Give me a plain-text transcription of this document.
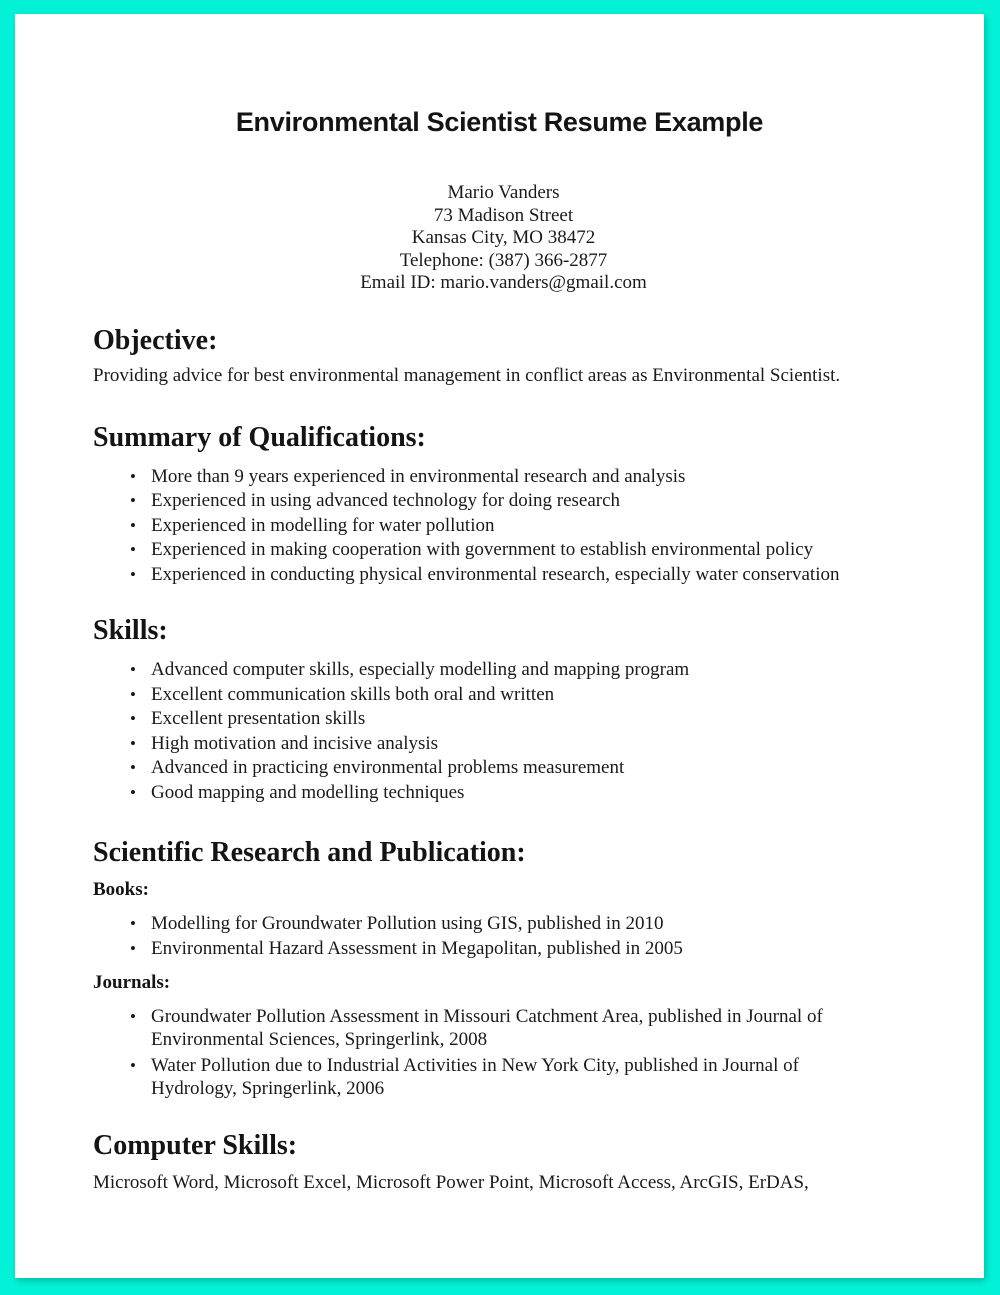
Environmental Scientist Resume Example
Mario Vanders
73 Madison Street
Kansas City, MO 38472
Telephone: (387) 366-2877
Email ID: mario.vanders@gmail.com
Objective:

Providing advice for best environmental management in conflict areas as Environmental Scientist.

Summary of Qualifications:
• More than 9 years experienced in environmental research and analysis
• Experienced in using advanced technology for doing research
• Experienced in modelling for water pollution
• Experienced in making cooperation with government to establish environmental policy
• Experienced in conducting physical environmental research, especially water conservation
Skills:
• Advanced computer skills, especially modelling and mapping program
• Excellent communication skills both oral and written
• Excellent presentation skills
• High motivation and incisive analysis
• Advanced in practicing environmental problems measurement
• Good mapping and modelling techniques
Scientific Research and Publication:

Books:

• Modelling for Groundwater Pollution using GIS, published in 2010
• Environmental Hazard Assessment in Megapolitan, published in 2005

Journals:

• Groundwater Pollution Assessment in Missouri Catchment Area, published in Journal of Environmental Sciences, Springerlink, 2008
• Water Pollution due to Industrial Activities in New York City, published in Journal of Hydrology, Springerlink, 2006
Computer Skills:

Microsoft Word, Microsoft Excel, Microsoft Power Point, Microsoft Access, ArcGIS, ErDAS,
